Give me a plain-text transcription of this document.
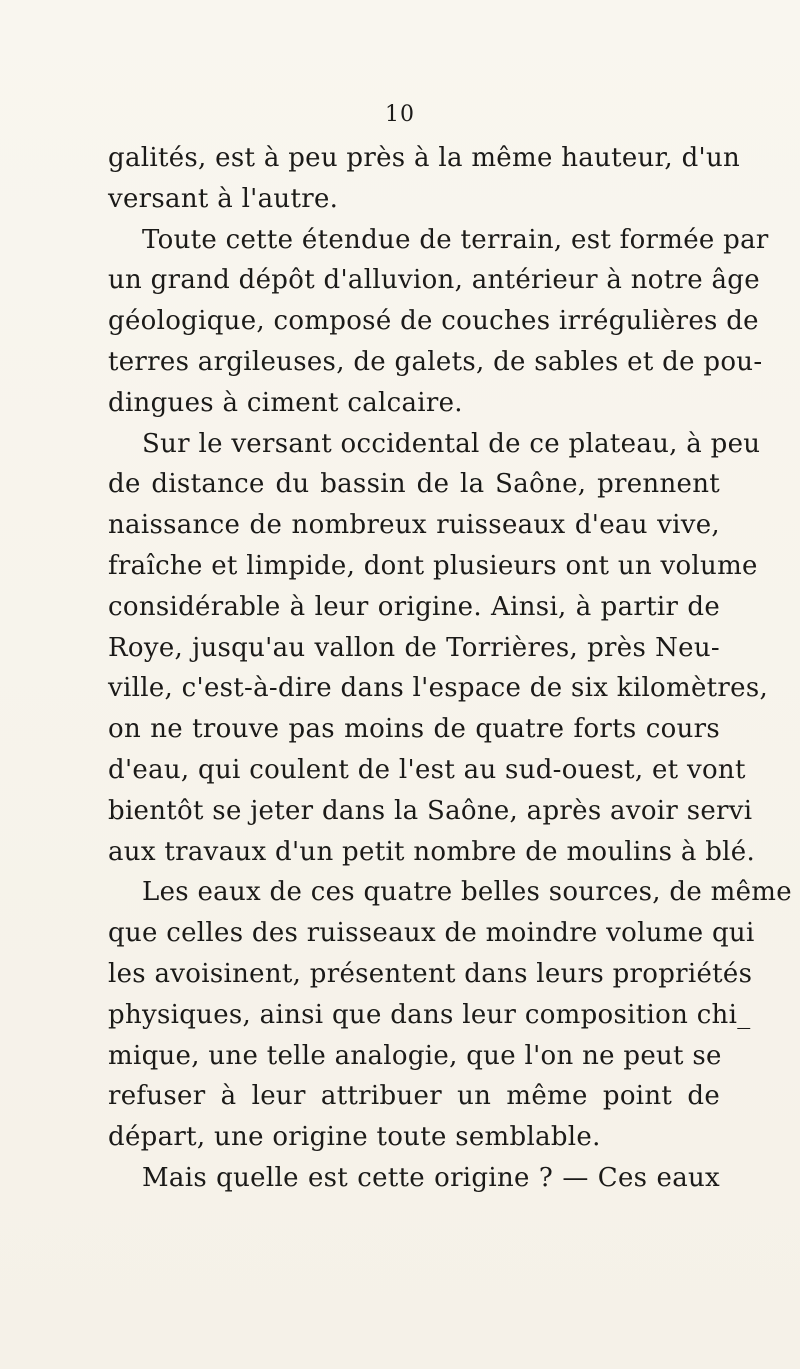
10
galités, est à peu près à la même hauteur, d'un
versant à l'autre.
Toute cette étendue de terrain, est formée par
un grand dépôt d'alluvion, antérieur à notre âge
géologique, composé de couches irrégulières de
terres argileuses, de galets, de sables et de pou-
dingues à ciment calcaire.
Sur le versant occidental de ce plateau, à peu
de distance du bassin de la Saône, prennent
naissance de nombreux ruisseaux d'eau vive,
fraîche et limpide, dont plusieurs ont un volume
considérable à leur origine. Ainsi, à partir de
Roye, jusqu'au vallon de Torrières, près Neu-
ville, c'est-à-dire dans l'espace de six kilomètres,
on ne trouve pas moins de quatre forts cours
d'eau, qui coulent de l'est au sud-ouest, et vont
bientôt se jeter dans la Saône, après avoir servi
aux travaux d'un petit nombre de moulins à blé.
Les eaux de ces quatre belles sources, de même
que celles des ruisseaux de moindre volume qui
les avoisinent, présentent dans leurs propriétés
physiques, ainsi que dans leur composition chi_
mique, une telle analogie, que l'on ne peut se
refuser à leur attribuer un même point de
départ, une origine toute semblable.
Mais quelle est cette origine ? — Ces eaux
